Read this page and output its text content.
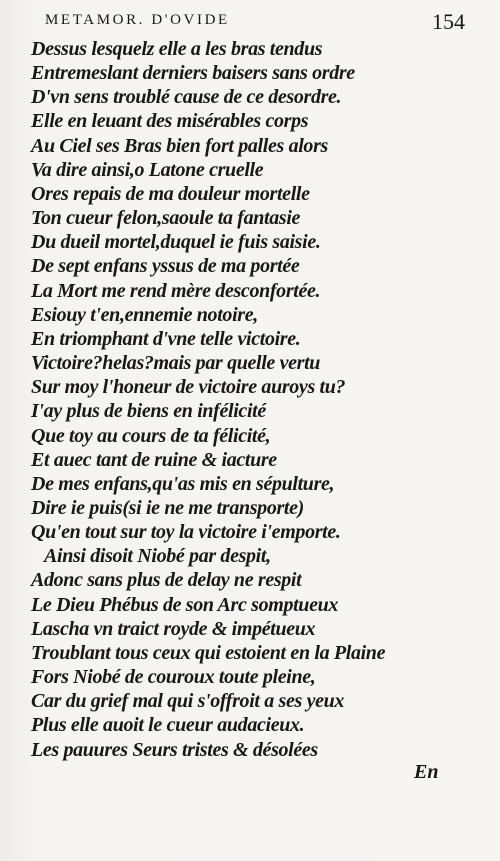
METAMOR. D'OVIDE	154
Dessus lesquelz elle a les bras tendus
Entremeslant derniers baisers sans ordre
D'vn sens troublé cause de ce desordre.
Elle en leuant des misérables corps
Au Ciel ses Bras bien fort palles alors
Va dire ainsi,o Latone cruelle
Ores repais de ma douleur mortelle
Ton cueur felon,saoule ta fantasie
Du dueil mortel,duquel ie fuis saisie.
De sept enfans yssus de ma portée
La Mort me rend mère desconfortée.
Esiouy t'en,ennemie notoire,
En triomphant d'vne telle victoire.
Victoire?helas?mais par quelle vertu
Sur moy l'honeur de victoire auroys tu?
I'ay plus de biens en infélicité
Que toy au cours de ta félicité,
Et auec tant de ruine & iacture
De mes enfans,qu'as mis en sépulture,
Dire ie puis(si ie ne me transporte)
Qu'en tout sur toy la victoire i'emporte.
Ainsi disoit Niobé par despit,
Adonc sans plus de delay ne respit
Le Dieu Phébus de son Arc somptueux
Lascha vn traict royde & impétueux
Troublant tous ceux qui estoient en la Plaine
Fors Niobé de couroux toute pleine,
Car du grief mal qui s'offroit a ses yeux
Plus elle auoit le cueur audacieux.
Les pauures Seurs tristes & désolées
En
